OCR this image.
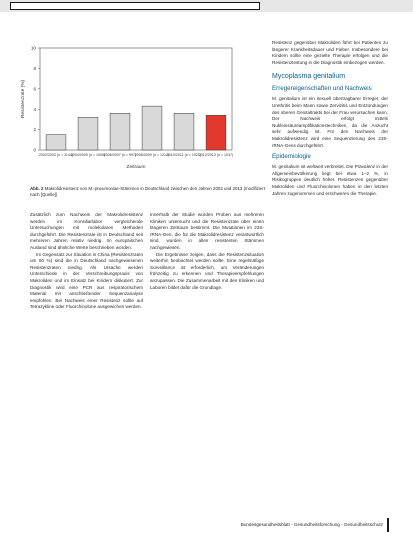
0
2
4
6
8
10
Resistenzrate (%)
2002/2003 (n = 1144)
2004/2005 (n = 1005)
2006/2007 (n = 997)
2008/2009 (n = 1212)
2010/2011 (n = 1021)
2012/2013 (n = 1037)
Zeitraum
Abb. 2 Makrolidresistenz von M.-pneumoniae-Stämmen in Deutschland zwischen den Jahren 2002 und 2013 (modifiziert nach [Quelle])

Zusätzlich zum Nachweis der Makrolidresistenz werden im Konsiliarlabor vergleichende Untersuchungen mit molekularen Methoden durchgeführt. Die Resistenzrate ist in Deutschland seit mehreren Jahren relativ niedrig. Im europäischen Ausland sind ähnliche Werte beschrieben worden.

Im Gegensatz zur Situation in China (Resistenzraten um 90 %) sind die in Deutschland nachgewiesenen Resistenzraten niedrig. Als Ursache werden Unterschiede in der Verschreibungspraxis von Makroliden und im Einsatz bei Kindern diskutiert. Zur Diagnostik wird eine PCR aus respiratorischem Material mit anschließender Sequenzanalyse empfohlen. Bei Nachweis einer Resistenz sollte auf Tetrazykline oder Fluorchinolone ausgewichen werden.

Innerhalb der Studie wurden Proben aus mehreren Kliniken untersucht und die Resistenzrate über einen längeren Zeitraum bestimmt. Die Mutationen im 23S-rRNA-Gen, die für die Makrolidresistenz verantwortlich sind, wurden in allen resistenten Stämmen nachgewiesen.

Die Ergebnisse zeigen, dass die Resistenzsituation weiterhin beobachtet werden sollte. Eine regelmäßige Surveillance ist erforderlich, um Veränderungen frühzeitig zu erkennen und Therapieempfehlungen anzupassen. Die Zusammenarbeit mit den Kliniken und Laboren bildet dafür die Grundlage.

Resistenz gegenüber Makroliden führt bei Patienten zu längerer Krankheitsdauer und Fieber. Insbesondere bei Kindern sollte eine gezielte Therapie erfolgen und die Resistenztestung in die Diagnostik einbezogen werden.

Mycoplasma genitalium
Erregereigenschaften und Nachweis

M. genitalium ist ein sexuell übertragbarer Erreger, der Urethritis beim Mann sowie Zervizitis und Entzündungen des oberen Genitaltrakts bei der Frau verursachen kann. Der Nachweis erfolgt mittels Nukleinsäureamplifikationstechniken, da die Anzucht sehr aufwendig ist. Für den Nachweis der Makrolidresistenz wird eine Sequenzierung des 23S-rRNA-Gens durchgeführt.

Epidemiologie

M. genitalium ist weltweit verbreitet. Die Prävalenz in der Allgemeinbevölkerung liegt bei etwa 1–2 %, in Risikogruppen deutlich höher. Resistenzen gegenüber Makroliden und Fluorchinolonen haben in den letzten Jahren zugenommen und erschweren die Therapie.

Bundesgesundheitsblatt - Gesundheitsforschung - Gesundheitsschutz
